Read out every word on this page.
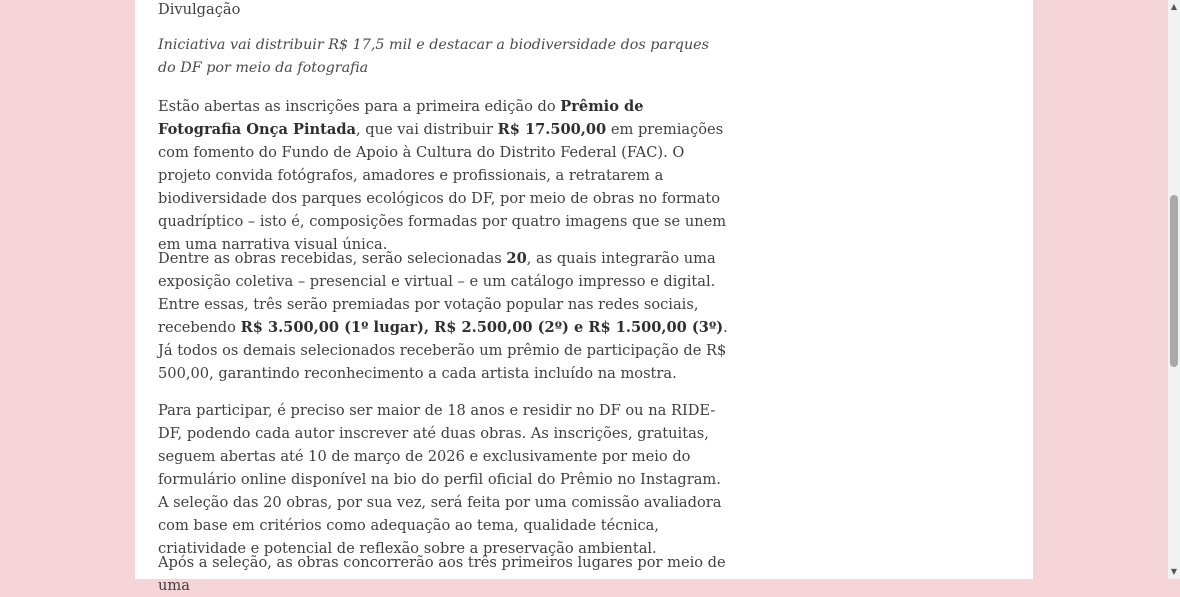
Divulgação

Iniciativa vai distribuir R$ 17,5 mil e destacar a biodiversidade dos parques do DF por meio da fotografia

Estão abertas as inscrições para a primeira edição do Prêmio de Fotografia Onça Pintada, que vai distribuir R$ 17.500,00 em premiações com fomento do Fundo de Apoio à Cultura do Distrito Federal (FAC). O projeto convida fotógrafos, amadores e profissionais, a retratarem a biodiversidade dos parques ecológicos do DF, por meio de obras no formato quadríptico – isto é, composições formadas por quatro imagens que se unem em uma narrativa visual única.

Dentre as obras recebidas, serão selecionadas 20, as quais integrarão uma exposição coletiva – presencial e virtual – e um catálogo impresso e digital. Entre essas, três serão premiadas por votação popular nas redes sociais, recebendo R$ 3.500,00 (1º lugar), R$ 2.500,00 (2º) e R$ 1.500,00 (3º). Já todos os demais selecionados receberão um prêmio de participação de R$ 500,00, garantindo reconhecimento a cada artista incluído na mostra.

Para participar, é preciso ser maior de 18 anos e residir no DF ou na RIDE-DF, podendo cada autor inscrever até duas obras. As inscrições, gratuitas, seguem abertas até 10 de março de 2026 e exclusivamente por meio do formulário online disponível na bio do perfil oficial do Prêmio no Instagram. A seleção das 20 obras, por sua vez, será feita por uma comissão avaliadora com base em critérios como adequação ao tema, qualidade técnica, criatividade e potencial de reflexão sobre a preservação ambiental.

Após a seleção, as obras concorrerão aos três primeiros lugares por meio de uma

▲
▼
